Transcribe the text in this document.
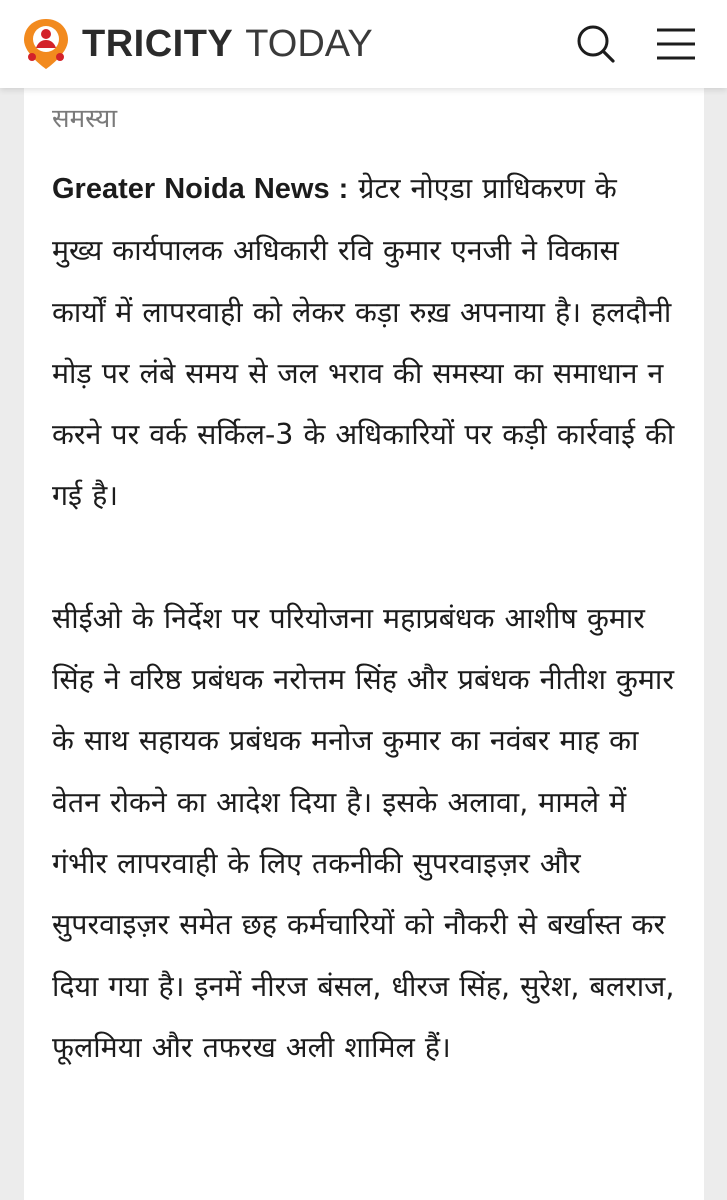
TRICITY TODAY
समस्या

Greater Noida News : ग्रेटर नोएडा प्राधिकरण के मुख्य कार्यपालक अधिकारी रवि कुमार एनजी ने विकास कार्यों में लापरवाही को लेकर कड़ा रुख़ अपनाया है। हलदौनी मोड़ पर लंबे समय से जल भराव की समस्या का समाधान न करने पर वर्क सर्किल-3 के अधिकारियों पर कड़ी कार्रवाई की गई है।

सीईओ के निर्देश पर परियोजना महाप्रबंधक आशीष कुमार सिंह ने वरिष्ठ प्रबंधक नरोत्तम सिंह और प्रबंधक नीतीश कुमार के साथ सहायक प्रबंधक मनोज कुमार का नवंबर माह का वेतन रोकने का आदेश दिया है। इसके अलावा, मामले में गंभीर लापरवाही के लिए तकनीकी सुपरवाइज़र और सुपरवाइज़र समेत छह कर्मचारियों को नौकरी से बर्खास्त कर दिया गया है। इनमें नीरज बंसल, धीरज सिंह, सुरेश, बलराज, फूलमिया और तफरख अली शामिल हैं।
